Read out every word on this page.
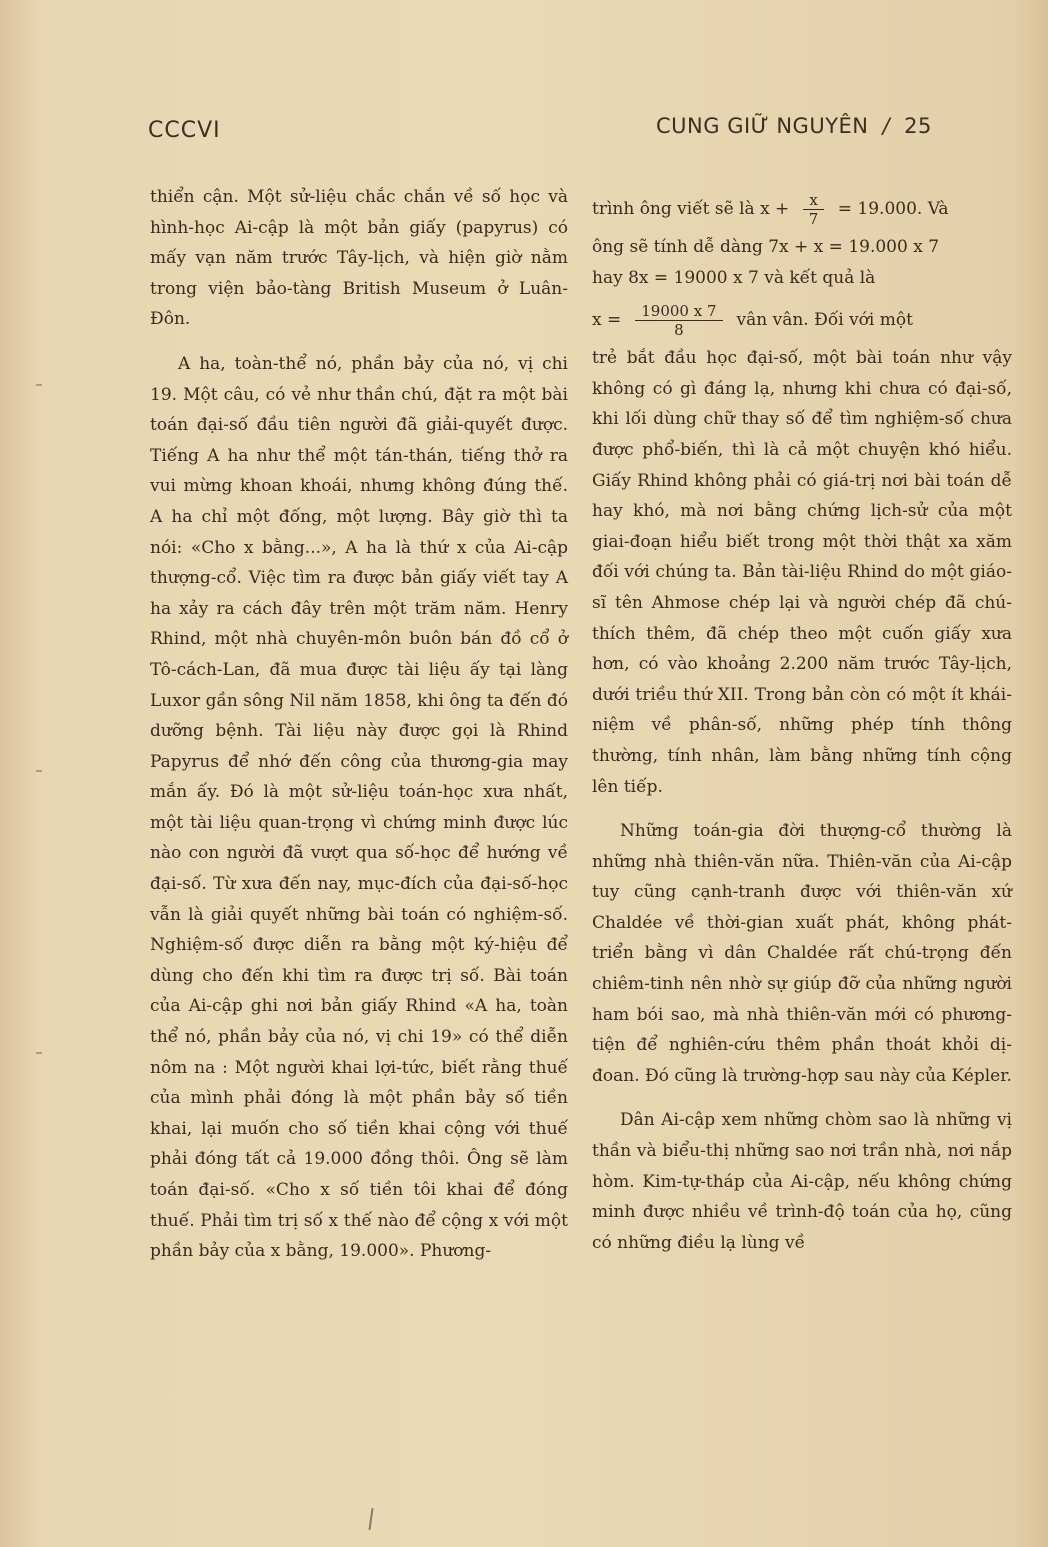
CCCVI	CUNG GIỮ NGUYÊN / 25

thiển cận. Một sử-liệu chắc chắn về số học và hình-học Ai-cập là một bản giấy (papyrus) có mấy vạn năm trước Tây-lịch, và hiện giờ nằm trong viện bảo-tàng British Museum ở Luân-Đôn.

A ha, toàn-thể nó, phần bảy của nó, vị chi 19. Một câu, có vẻ như thần chú, đặt ra một bài toán đại-số đầu tiên người đã giải-quyết được. Tiếng A ha như thể một tán-thán, tiếng thở ra vui mừng khoan khoái, nhưng không đúng thế. A ha chỉ một đống, một lượng. Bây giờ thì ta nói: «Cho x bằng...», A ha là thứ x của Ai-cập thượng-cổ. Việc tìm ra được bản giấy viết tay A ha xảy ra cách đây trên một trăm năm. Henry Rhind, một nhà chuyên-môn buôn bán đồ cổ ở Tô-cách-Lan, đã mua được tài liệu ấy tại làng Luxor gần sông Nil năm 1858, khi ông ta đến đó dưỡng bệnh. Tài liệu này được gọi là Rhind Papyrus để nhớ đến công của thương-gia may mắn ấy. Đó là một sử-liệu toán-học xưa nhất, một tài liệu quan-trọng vì chứng minh được lúc nào con người đã vượt qua số-học để hướng về đại-số. Từ xưa đến nay, mục-đích của đại-số-học vẫn là giải quyết những bài toán có nghiệm-số. Nghiệm-số được diễn ra bằng một ký-hiệu để dùng cho đến khi tìm ra được trị số. Bài toán của Ai-cập ghi nơi bản giấy Rhind «A ha, toàn thể nó, phần bảy của nó, vị chi 19» có thể diễn nôm na : Một người khai lợi-tức, biết rằng thuế của mình phải đóng là một phần bảy số tiền khai, lại muốn cho số tiền khai cộng với thuế phải đóng tất cả 19.000 đồng thôi. Ông sẽ làm toán đại-số. «Cho x số tiền tôi khai để đóng thuế. Phải tìm trị số x thế nào để cộng x với một phần bảy của x bằng, 19.000». Phương-

trình ông viết sẽ là $x + \frac{x}{7} = 19.000$. Và

ông sẽ tính dễ dàng 7x + x = 19.000 x 7

hay 8x = 19000 x 7 và kết quả là

$x = \frac{19000 x 7}{8}$ vân vân. Đối với một

trẻ bắt đầu học đại-số, một bài toán như vậy không có gì đáng lạ, nhưng khi chưa có đại-số, khi lối dùng chữ thay số để tìm nghiệm-số chưa được phổ-biến, thì là cả một chuyện khó hiểu. Giấy Rhind không phải có giá-trị nơi bài toán dễ hay khó, mà nơi bằng chứng lịch-sử của một giai-đoạn hiểu biết trong một thời thật xa xăm đối với chúng ta. Bản tài-liệu Rhind do một giáo-sĩ tên Ahmose chép lại và người chép đã chú-thích thêm, đã chép theo một cuốn giấy xưa hơn, có vào khoảng 2.200 năm trước Tây-lịch, dưới triều thứ XII. Trong bản còn có một ít khái-niệm về phân-số, những phép tính thông thường, tính nhân, làm bằng những tính cộng lên tiếp.

Những toán-gia đời thượng-cổ thường là những nhà thiên-văn nữa. Thiên-văn của Ai-cập tuy cũng cạnh-tranh được với thiên-văn xứ Chaldée về thời-gian xuất phát, không phát-triển bằng vì dân Chaldée rất chú-trọng đến chiêm-tinh nên nhờ sự giúp đỡ của những người ham bói sao, mà nhà thiên-văn mới có phương-tiện để nghiên-cứu thêm phần thoát khỏi dị-đoan. Đó cũng là trường-hợp sau này của Képler.

Dân Ai-cập xem những chòm sao là những vị thần và biểu-thị những sao nơi trần nhà, nơi nắp hòm. Kim-tự-tháp của Ai-cập, nếu không chứng minh được nhiều về trình-độ toán của họ, cũng có những điều lạ lùng về
